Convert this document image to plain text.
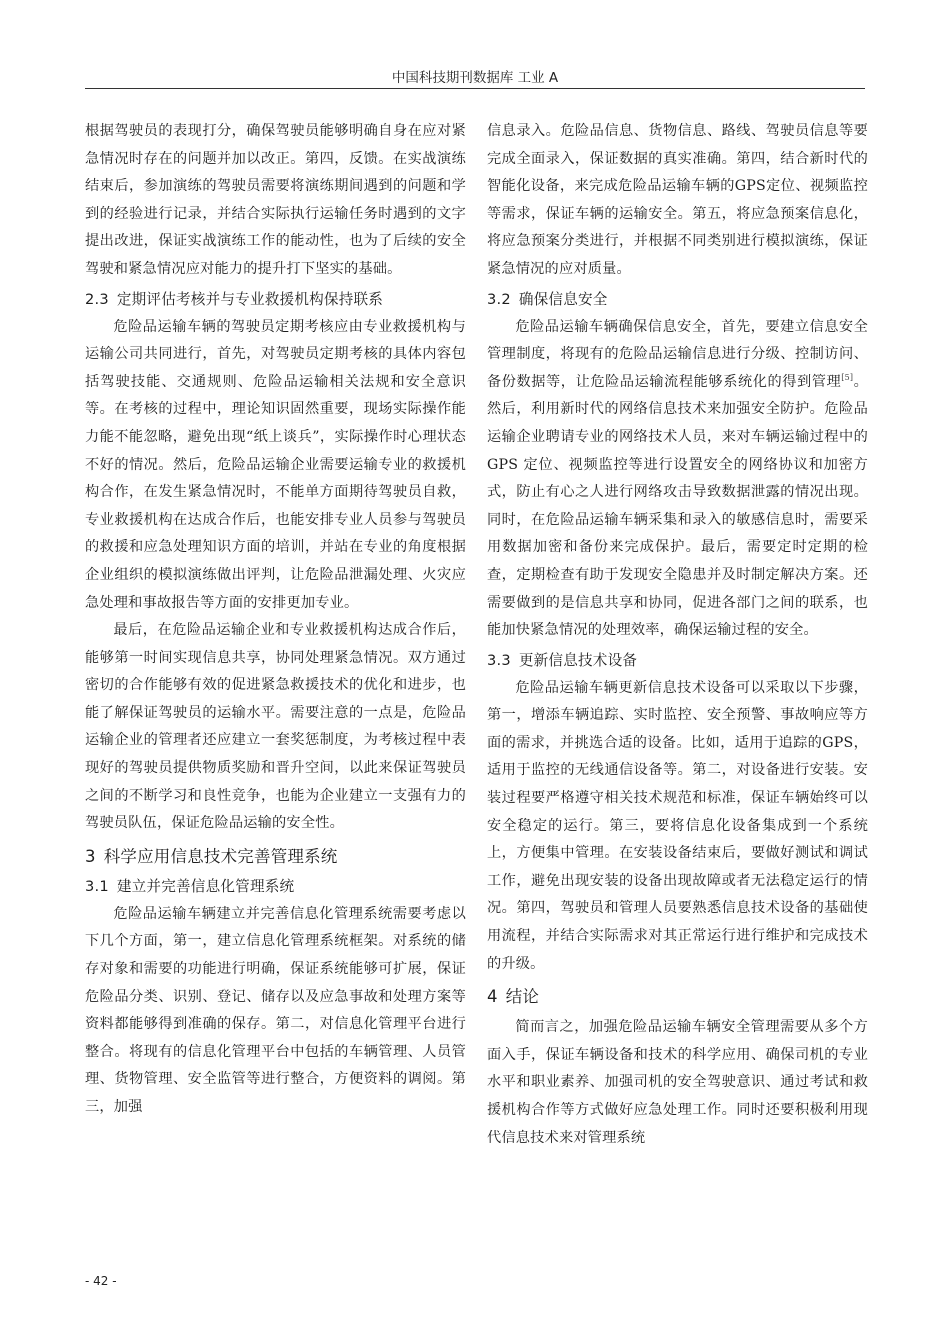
中国科技期刊数据库 工业 A

根据驾驶员的表现打分，确保驾驶员能够明确自身在应对紧急情况时存在的问题并加以改正。第四，反馈。在实战演练结束后，参加演练的驾驶员需要将演练期间遇到的问题和学到的经验进行记录，并结合实际执行运输任务时遇到的文字提出改进，保证实战演练工作的能动性，也为了后续的安全驾驶和紧急情况应对能力的提升打下坚实的基础。

2.3 定期评估考核并与专业救援机构保持联系

危险品运输车辆的驾驶员定期考核应由专业救援机构与运输公司共同进行，首先，对驾驶员定期考核的具体内容包括驾驶技能、交通规则、危险品运输相关法规和安全意识等。在考核的过程中，理论知识固然重要，现场实际操作能力能不能忽略，避免出现“纸上谈兵”，实际操作时心理状态不好的情况。然后，危险品运输企业需要运输专业的救援机构合作，在发生紧急情况时，不能单方面期待驾驶员自救，专业救援机构在达成合作后，也能安排专业人员参与驾驶员的救援和应急处理知识方面的培训，并站在专业的角度根据企业组织的模拟演练做出评判，让危险品泄漏处理、火灾应急处理和事故报告等方面的安排更加专业。

最后，在危险品运输企业和专业救援机构达成合作后，能够第一时间实现信息共享，协同处理紧急情况。双方通过密切的合作能够有效的促进紧急救援技术的优化和进步，也能了解保证驾驶员的运输水平。需要注意的一点是，危险品运输企业的管理者还应建立一套奖惩制度，为考核过程中表现好的驾驶员提供物质奖励和晋升空间，以此来保证驾驶员之间的不断学习和良性竞争，也能为企业建立一支强有力的驾驶员队伍，保证危险品运输的安全性。

3 科学应用信息技术完善管理系统
3.1 建立并完善信息化管理系统

危险品运输车辆建立并完善信息化管理系统需要考虑以下几个方面，第一，建立信息化管理系统框架。对系统的储存对象和需要的功能进行明确，保证系统能够可扩展，保证危险品分类、识别、登记、储存以及应急事故和处理方案等资料都能够得到准确的保存。第二，对信息化管理平台进行整合。将现有的信息化管理平台中包括的车辆管理、人员管理、货物管理、安全监管等进行整合，方便资料的调阅。第三，加强

信息录入。危险品信息、货物信息、路线、驾驶员信息等要完成全面录入，保证数据的真实准确。第四，结合新时代的智能化设备，来完成危险品运输车辆的GPS定位、视频监控等需求，保证车辆的运输安全。第五，将应急预案信息化，将应急预案分类进行，并根据不同类别进行模拟演练，保证紧急情况的应对质量。

3.2 确保信息安全

危险品运输车辆确保信息安全，首先，要建立信息安全管理制度，将现有的危险品运输信息进行分级、控制访问、备份数据等，让危险品运输流程能够系统化的得到管理[5]。然后，利用新时代的网络信息技术来加强安全防护。危险品运输企业聘请专业的网络技术人员，来对车辆运输过程中的 GPS 定位、视频监控等进行设置安全的网络协议和加密方式，防止有心之人进行网络攻击导致数据泄露的情况出现。同时，在危险品运输车辆采集和录入的敏感信息时，需要采用数据加密和备份来完成保护。最后，需要定时定期的检查，定期检查有助于发现安全隐患并及时制定解决方案。还需要做到的是信息共享和协同，促进各部门之间的联系，也能加快紧急情况的处理效率，确保运输过程的安全。

3.3 更新信息技术设备

危险品运输车辆更新信息技术设备可以采取以下步骤，第一，增添车辆追踪、实时监控、安全预警、事故响应等方面的需求，并挑选合适的设备。比如，适用于追踪的GPS，适用于监控的无线通信设备等。第二，对设备进行安装。安装过程要严格遵守相关技术规范和标准，保证车辆始终可以安全稳定的运行。第三，要将信息化设备集成到一个系统上，方便集中管理。在安装设备结束后，要做好测试和调试工作，避免出现安装的设备出现故障或者无法稳定运行的情况。第四，驾驶员和管理人员要熟悉信息技术设备的基础使用流程，并结合实际需求对其正常运行进行维护和完成技术的升级。

4 结论

简而言之，加强危险品运输车辆安全管理需要从多个方面入手，保证车辆设备和技术的科学应用、确保司机的专业水平和职业素养、加强司机的安全驾驶意识、通过考试和救援机构合作等方式做好应急处理工作。同时还要积极利用现代信息技术来对管理系统

- 42 -
